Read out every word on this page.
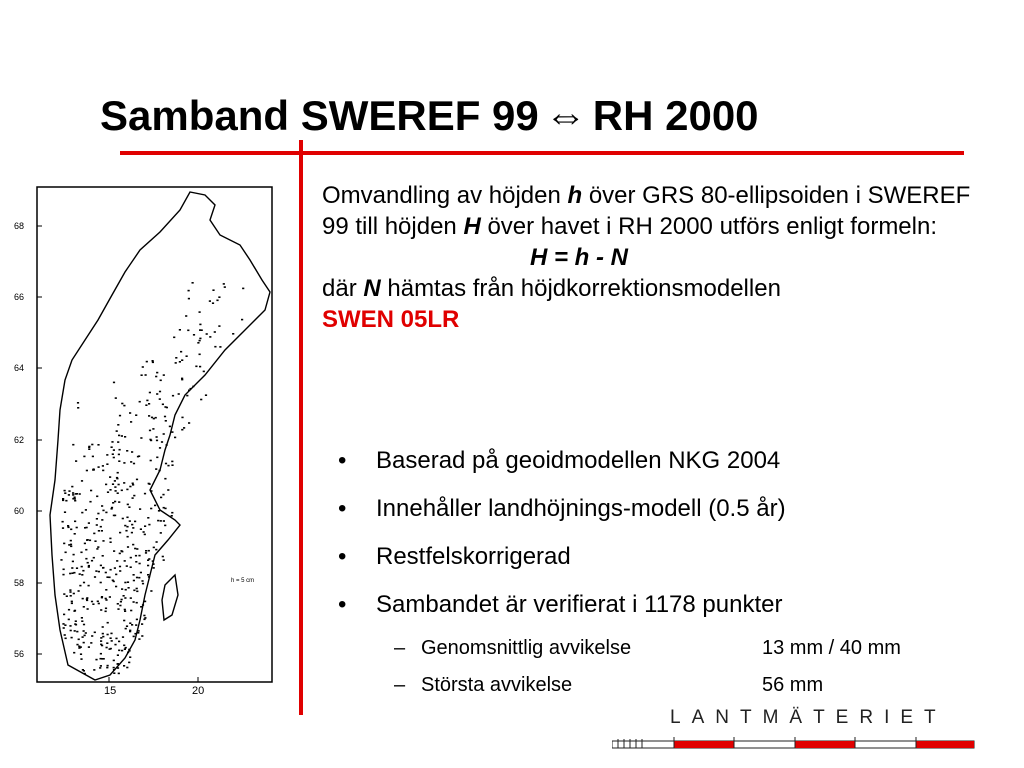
Samband SWEREF 99 ⇔ RH 2000
68
66
64
62
60
58
56
15	20
h = 5 cm

Omvandling av höjden h över GRS 80-ellipsoiden i SWEREF 99 till höjden H över havet i RH 2000 utförs enligt formeln:

H = h - N

där N hämtas från höjdkorrektionsmodellen

SWEN 05LR

• Baserad på geoidmodellen NKG 2004
• Innehåller landhöjnings-modell (0.5 år)
• Restfelskorrigerad
• Sambandet är verifierat i 1178 punkter
– Genomsnittlig avvikelse	13 mm / 40 mm
– Största avvikelse	56 mm
LANTMÄTERIET
